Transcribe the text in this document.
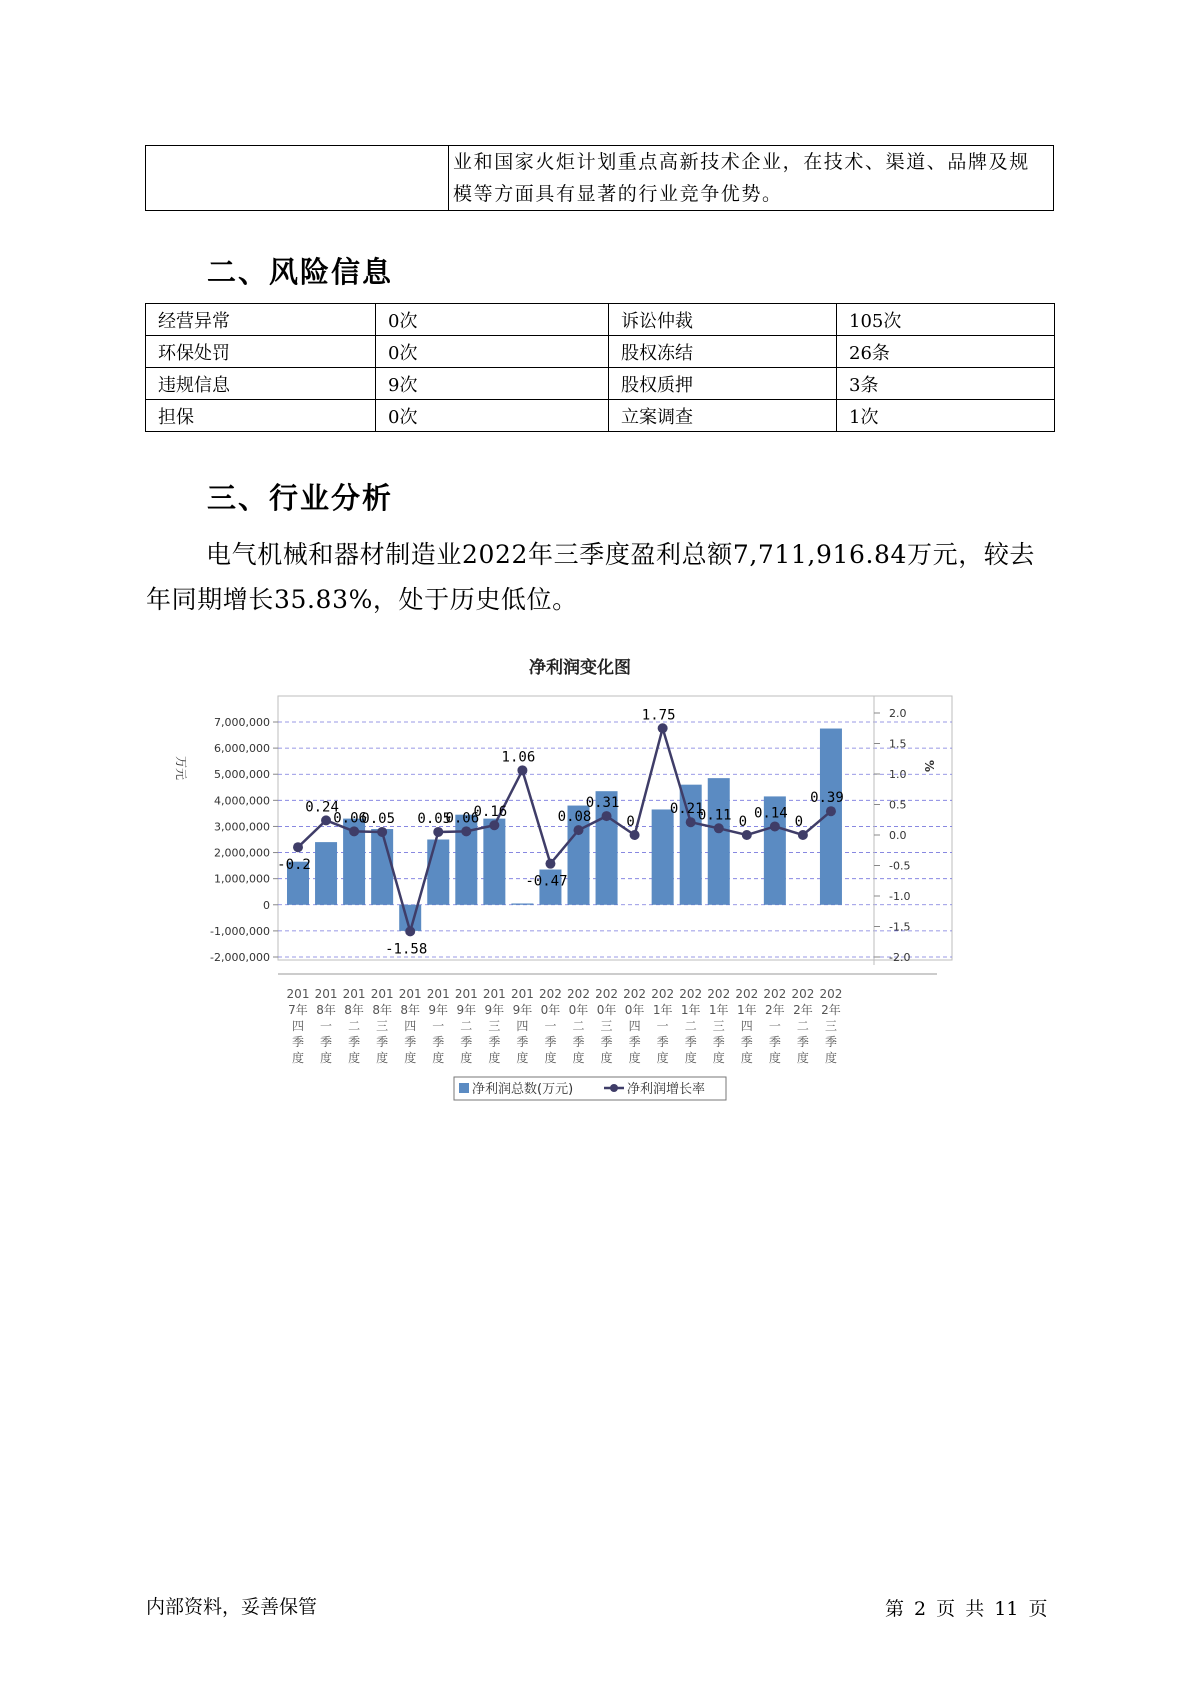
	业和国家火炬计划重点高新技术企业，在技术、渠道、品牌及规模等方面具有显著的行业竞争优势。
二、风险信息
经营异常	0次	诉讼仲裁	105次
环保处罚	0次	股权冻结	26条
违规信息	9次	股权质押	3条
担保	0次	立案调查	1次
三、行业分析
电气机械和器材制造业2022年三季度盈利总额7,711,916.84万元，较去年同期增长35.83%，处于历史低位。
净利润变化图
7,000,000
6,000,000
5,000,000
4,000,000
3,000,000
2,000,000
1,000,000
0
-1,000,000
-2,000,000
2.0
1.5
1.0
0.5
0.0
-0.5
-1.0
-1.5
-2.0
万元	%
-0.2
0.24
0.06
0.05
-1.58
0.05
0.06
0.16
1.06
-0.47
0.08
0.31
0
1.75
0.21
0.11 0
0.14
0
0.39
201
7年
四
季
度
201
8年
一
季
度
201
8年
二
季
度
201
8年
三
季
度
201
8年
四
季
度
201
9年
一
季
度
201
9年
二
季
度
201
9年
三
季
度
201
9年
四
季
度
202
0年
一
季
度
202
0年
二
季
度
202
0年
三
季
度
202
0年
四
季
度
202
1年
一
季
度
202
1年
二
季
度
202
1年
三
季
度
202
1年
四
季
度
202
2年
一
季
度
202
2年
二
季
度
202
2年
三
季
度
净利润总数(万元)	净利润增长率
内部资料，妥善保管	第 2 页 共 11 页
